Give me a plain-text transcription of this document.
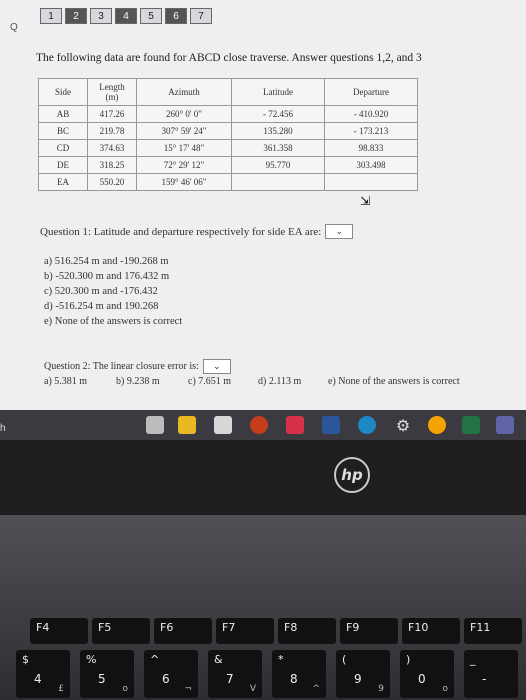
1	2	3	4	5	6	7
Q
The following data are found for ABCD close traverse. Answer questions 1,2, and 3
Side	Length (m)	Azimuth	Latitude	Departure
AB	417.26	260° 0' 0"	- 72.456	- 410.920
BC	219.78	307° 59' 24"	135.280	- 173.213
CD	374.63	15° 17' 48"	361.358	98.833
DE	318.25	72° 29' 12"	95.770	303.498
EA	550.20	159° 46' 06"		
⇲
Question 1: Latitude and departure respectively for side EA are: ⌄
a) 516.254 m and -190.268 m
b) -520.300 m and 176.432 m
c) 520.300 m and -176.432
d) -516.254 m and 190.268
e) None of the answers is correct
Question 2: The linear closure error is: ⌄
a) 5.381 m	b) 9.238 m	c) 7.651 m	d) 2.113 m	e) None of the answers is correct
h	⚙
hp
F4	F5	F6	F7	F8	F9	F10	F11
$
4
£
%
5
o
^
6
¬
&
7
V
*
8
^
(
9
9
)
0
o
_
-
